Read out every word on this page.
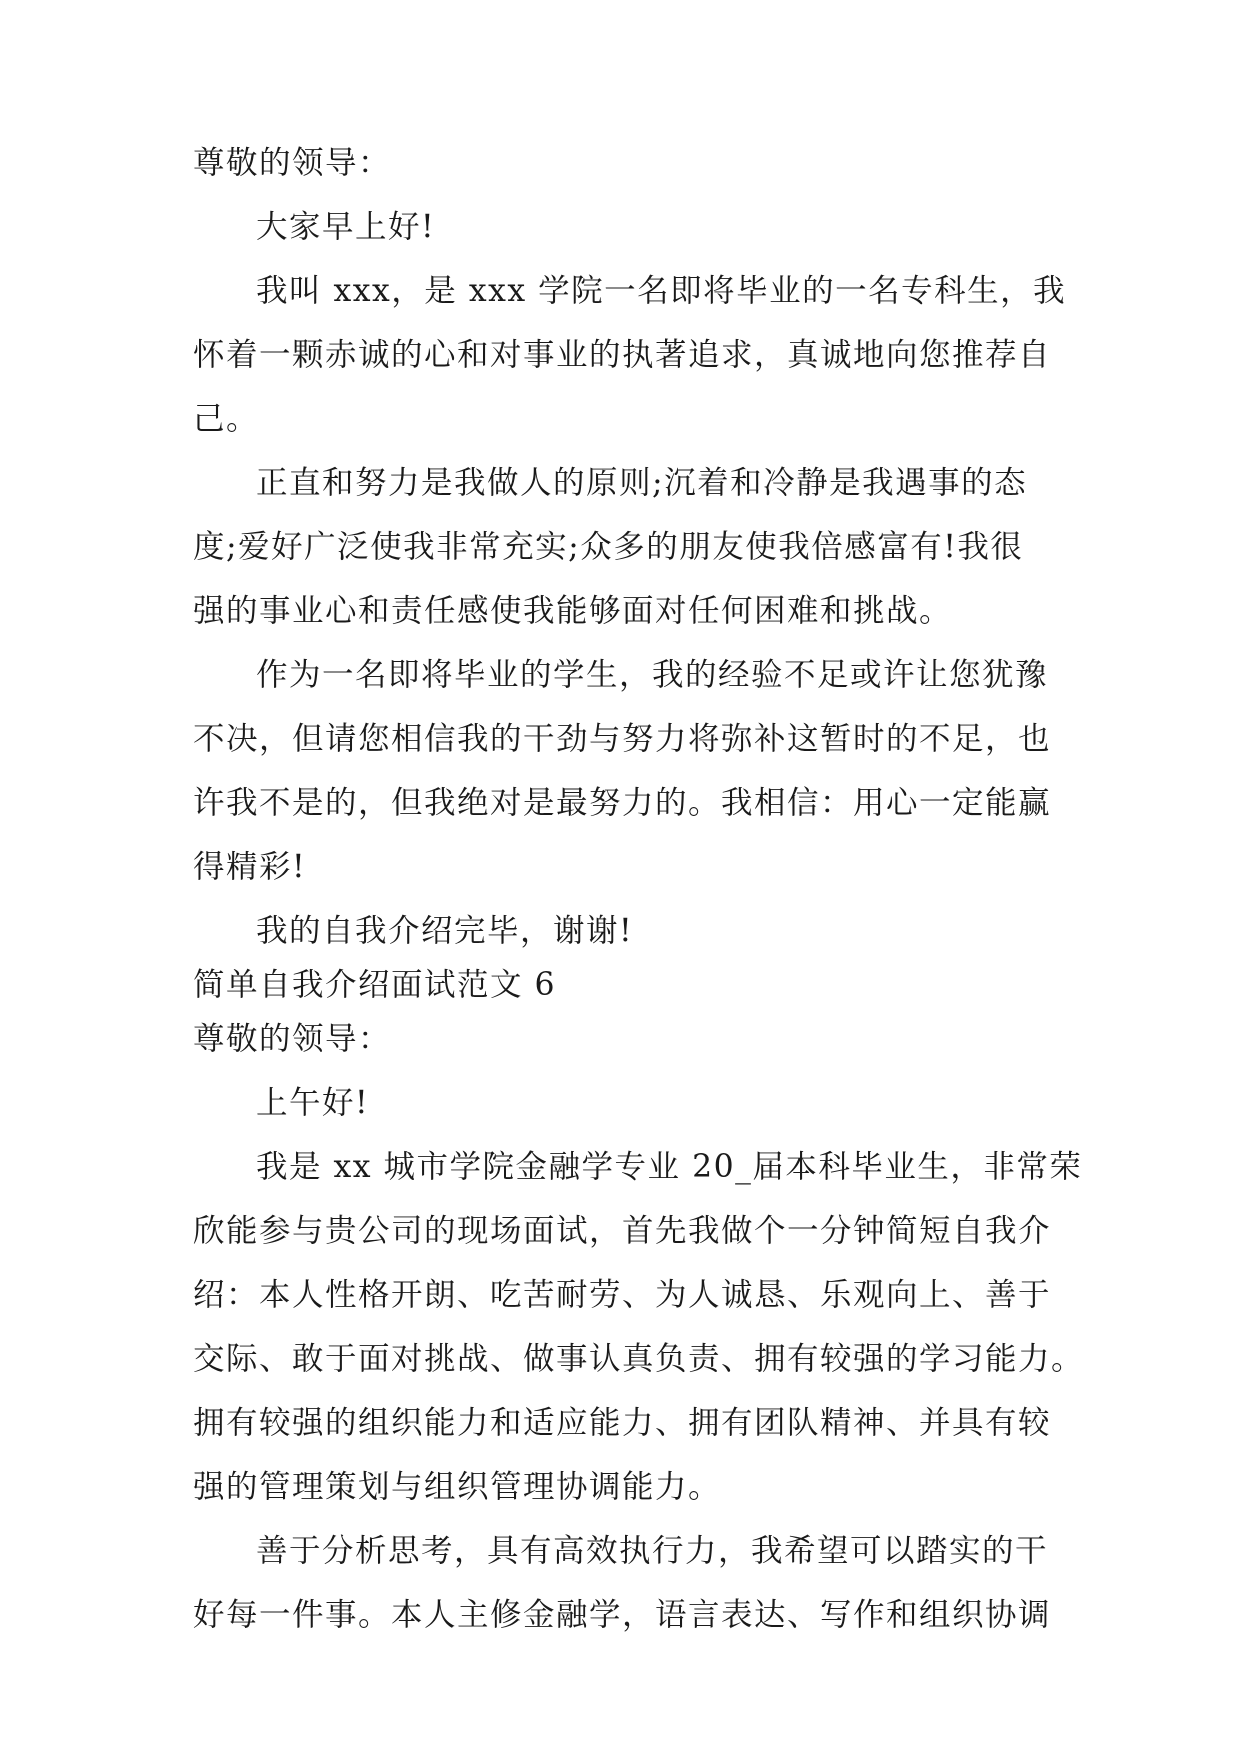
尊敬的领导：
大家早上好!
我叫 xxx，是 xxx 学院一名即将毕业的一名专科生，我
怀着一颗赤诚的心和对事业的执著追求，真诚地向您推荐自
己。
正直和努力是我做人的原则;沉着和冷静是我遇事的态
度;爱好广泛使我非常充实;众多的朋友使我倍感富有!我很
强的事业心和责任感使我能够面对任何困难和挑战。
作为一名即将毕业的学生，我的经验不足或许让您犹豫
不决，但请您相信我的干劲与努力将弥补这暂时的不足，也
许我不是的，但我绝对是最努力的。我相信：用心一定能赢
得精彩!
我的自我介绍完毕，谢谢!
简单自我介绍面试范文 6
尊敬的领导：
上午好!
我是 xx 城市学院金融学专业 20_届本科毕业生，非常荣
欣能参与贵公司的现场面试，首先我做个一分钟简短自我介
绍：本人性格开朗、吃苦耐劳、为人诚恳、乐观向上、善于
交际、敢于面对挑战、做事认真负责、拥有较强的学习能力。
拥有较强的组织能力和适应能力、拥有团队精神、并具有较
强的管理策划与组织管理协调能力。
善于分析思考，具有高效执行力，我希望可以踏实的干
好每一件事。本人主修金融学，语言表达、写作和组织协调
